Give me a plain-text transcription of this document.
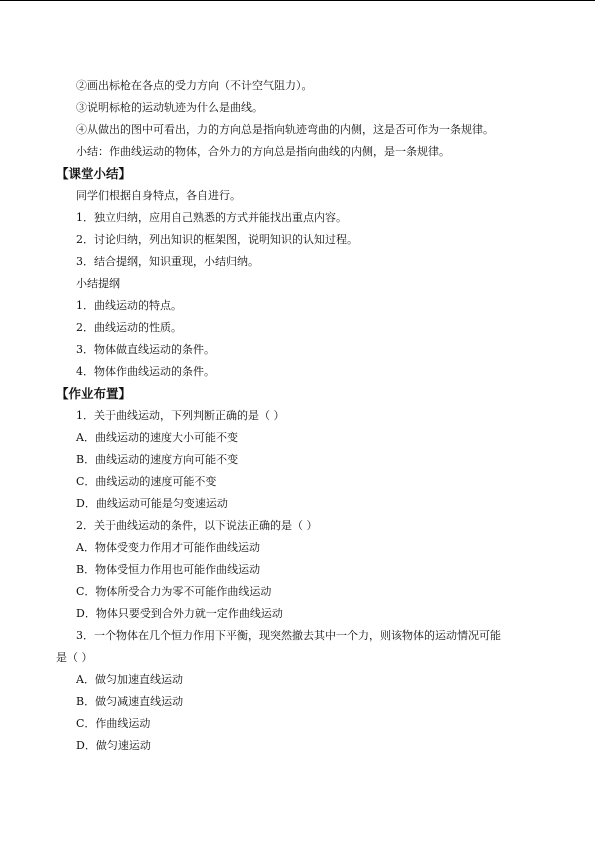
②画出标枪在各点的受力方向（不计空气阻力）。
③说明标枪的运动轨迹为什么是曲线。
④从做出的图中可看出，力的方向总是指向轨迹弯曲的内侧，这是否可作为一条规律。
小结：作曲线运动的物体，合外力的方向总是指向曲线的内侧，是一条规律。
【课堂小结】
同学们根据自身特点，各自进行。
1．独立归纳，应用自己熟悉的方式并能找出重点内容。
2．讨论归纳，列出知识的框架图，说明知识的认知过程。
3．结合提纲，知识重现，小结归纳。
小结提纲
1．曲线运动的特点。
2．曲线运动的性质。
3．物体做直线运动的条件。
4．物体作曲线运动的条件。
【作业布置】
1．关于曲线运动，下列判断正确的是（ ）
A．曲线运动的速度大小可能不变
B．曲线运动的速度方向可能不变
C．曲线运动的速度可能不变
D．曲线运动可能是匀变速运动
2．关于曲线运动的条件，以下说法正确的是（ ）
A．物体受变力作用才可能作曲线运动
B．物体受恒力作用也可能作曲线运动
C．物体所受合力为零不可能作曲线运动
D．物体只要受到合外力就一定作曲线运动
3．一个物体在几个恒力作用下平衡，现突然撤去其中一个力，则该物体的运动情况可能
是（ ）
A．做匀加速直线运动
B．做匀减速直线运动
C．作曲线运动
D．做匀速运动
